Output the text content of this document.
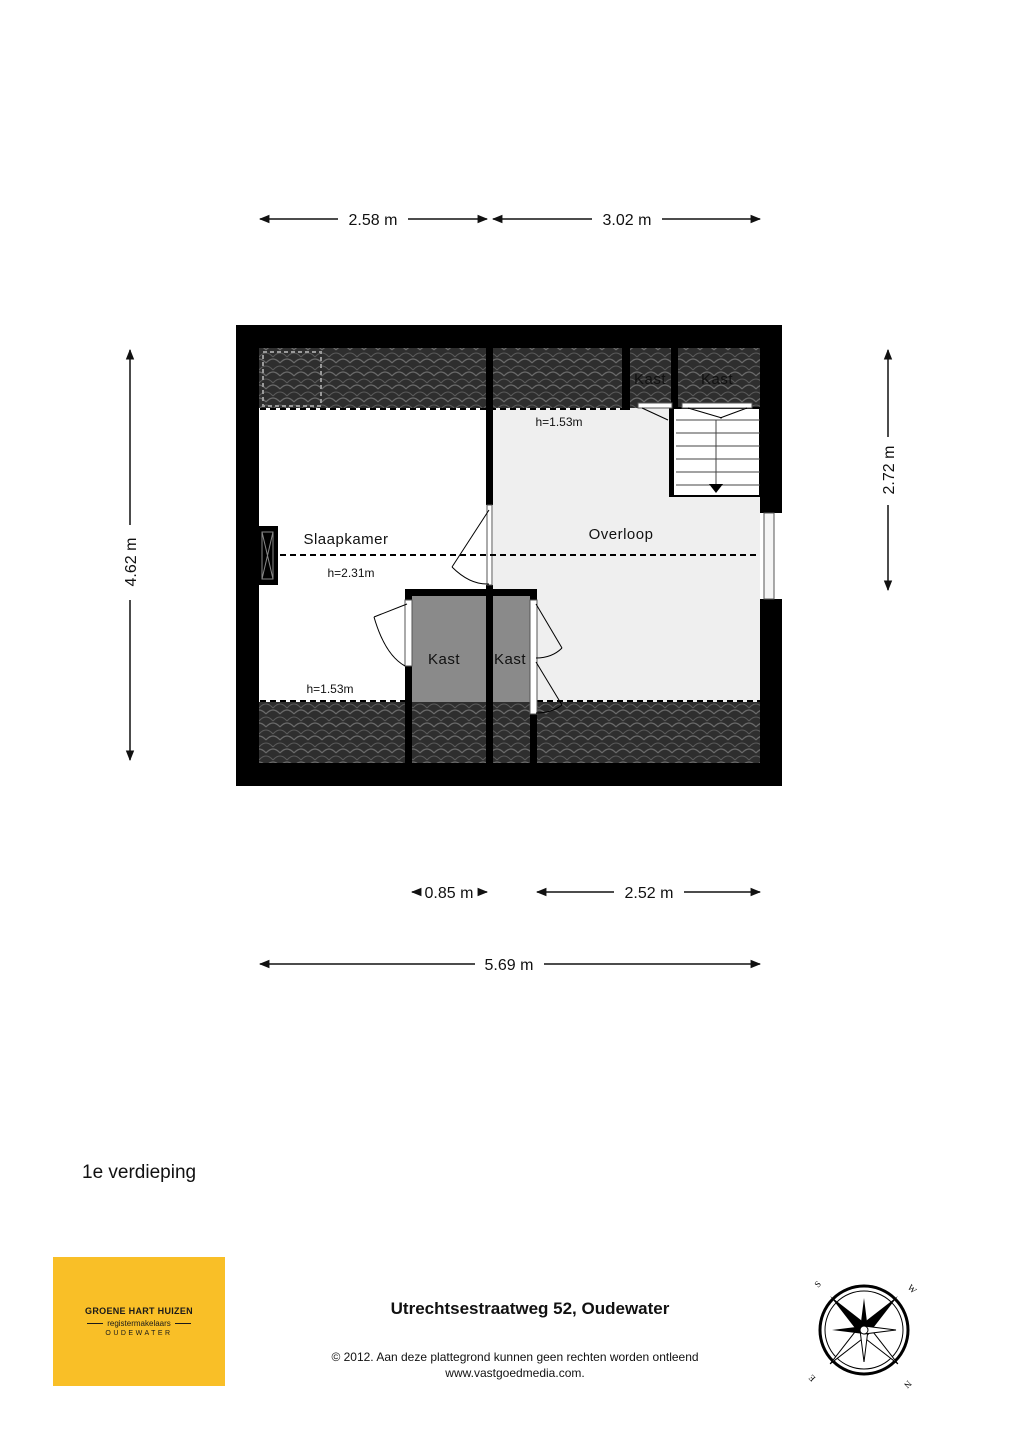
2.58 m	3.02 m
4.62 m
2.72 m
0.85 m	2.52 m
5.69 m
Slaapkamer	Overloop
Kast Kast
Kast Kast
h=2.31m
h=1.53m
h=1.53m
1e verdieping
GROENE HART HUIZEN
registermakelaars
OUDEWATER
Utrechtsestraatweg 52, Oudewater
© 2012. Aan deze plattegrond kunnen geen rechten worden ontleend
www.vastgoedmedia.com.
W
S
E
N
